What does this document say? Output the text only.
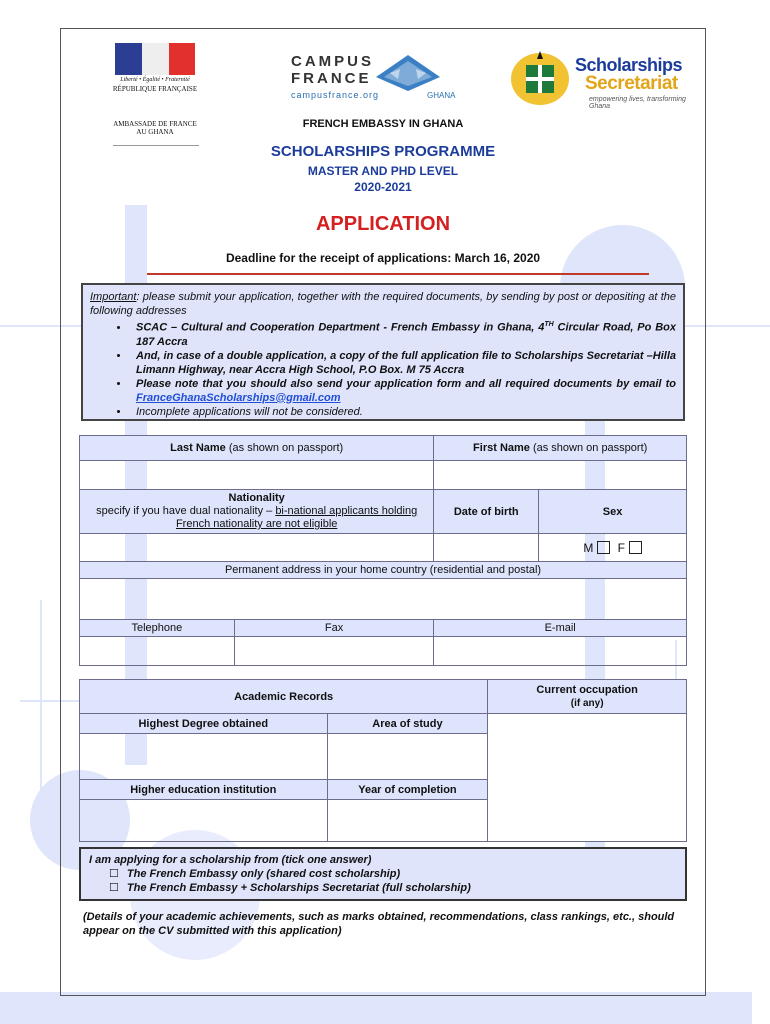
Liberté • Égalité • Fraternité
RÉPUBLIQUE FRANÇAISE
AMBASSADE DE FRANCE
AU GHANA
CAMPUS
FRANCE
campusfrance.org	GHANA
Scholarships
Secretariat
empowering lives, transforming Ghana
FRENCH EMBASSY IN GHANA
SCHOLARSHIPS PROGRAMME
MASTER AND PHD LEVEL
2020-2021
APPLICATION
Deadline for the receipt of applications: March 16, 2020
Important: please submit your application, together with the required documents, by sending by post or depositing at the following addresses
• SCAC – Cultural and Cooperation Department - French Embassy in Ghana, 4TH Circular Road, Po Box 187 Accra
• And, in case of a double application, a copy of the full application file to Scholarships Secretariat –Hilla Limann Highway, near Accra High School, P.O Box. M 75 Accra
• Please note that you should also send your application form and all required documents by email to FranceGhanaScholarships@gmail.com
• Incomplete applications will not be considered.
Last Name (as shown on passport)		First Name (as shown on passport)	

Nationality
specify if you have dual nationality – bi-national applicants holding French nationality are not eligible		Date of birth	Sex
			M F
Permanent address in your home country (residential and postal)			

Telephone	Fax	E-mail	

Academic Records		Current occupation
(if any)

Highest Degree obtained	Area of study	

Higher education institution	Year of completion	

I am applying for a scholarship from (tick one answer)
☐ The French Embassy only (shared cost scholarship)
☐ The French Embassy + Scholarships Secretariat (full scholarship)
(Details of your academic achievements, such as marks obtained, recommendations, class rankings, etc., should appear on the CV submitted with this application)
